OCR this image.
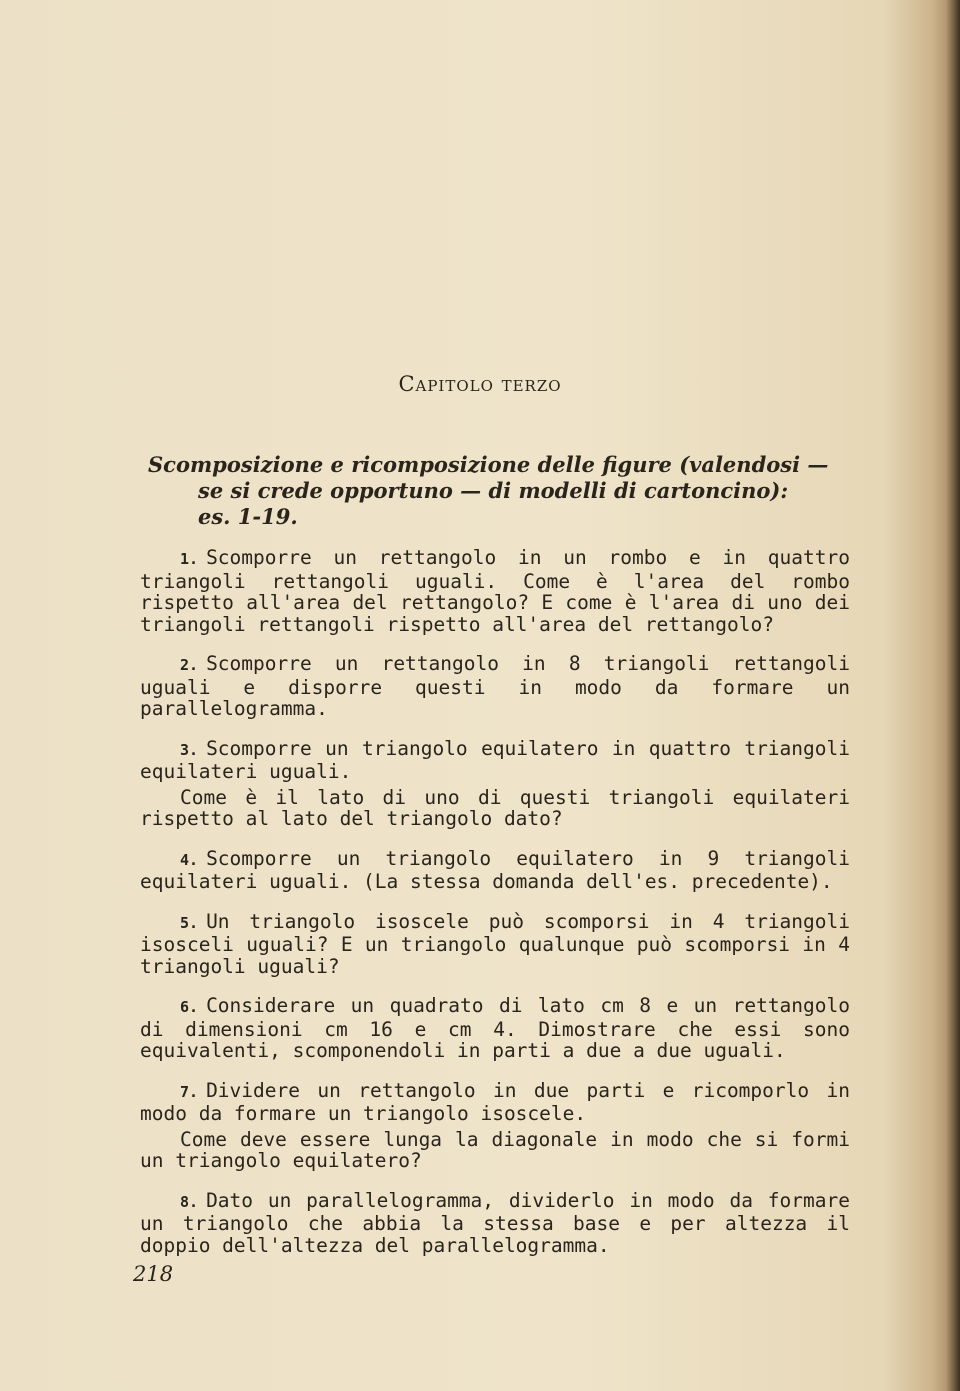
Capitolo terzo
Scomposizione e ricomposizione delle figure (valendosi —
se si crede opportuno — di modelli di cartoncino):
es. 1-19.

1. Scomporre un rettangolo in un rombo e in quattro triangoli rettangoli uguali. Come è l'area del rombo rispetto all'area del rettangolo? E come è l'area di uno dei triangoli rettangoli rispetto all'area del rettangolo?

2. Scomporre un rettangolo in 8 triangoli rettangoli uguali e disporre questi in modo da formare un parallelogramma.

3. Scomporre un triangolo equilatero in quattro triangoli equilateri uguali.
Come è il lato di uno di questi triangoli equilateri rispetto al lato del triangolo dato?

4. Scomporre un triangolo equilatero in 9 triangoli equilateri uguali. (La stessa domanda dell'es. precedente).

5. Un triangolo isoscele può scomporsi in 4 triangoli isosceli uguali? E un triangolo qualunque può scomporsi in 4 triangoli uguali?

6. Considerare un quadrato di lato cm 8 e un rettangolo di dimensioni cm 16 e cm 4. Dimostrare che essi sono equivalenti, scomponendoli in parti a due a due uguali.

7. Dividere un rettangolo in due parti e ricomporlo in modo da formare un triangolo isoscele.
Come deve essere lunga la diagonale in modo che si formi un triangolo equilatero?

8. Dato un parallelogramma, dividerlo in modo da formare un triangolo che abbia la stessa base e per altezza il doppio dell'altezza del parallelogramma.

218
